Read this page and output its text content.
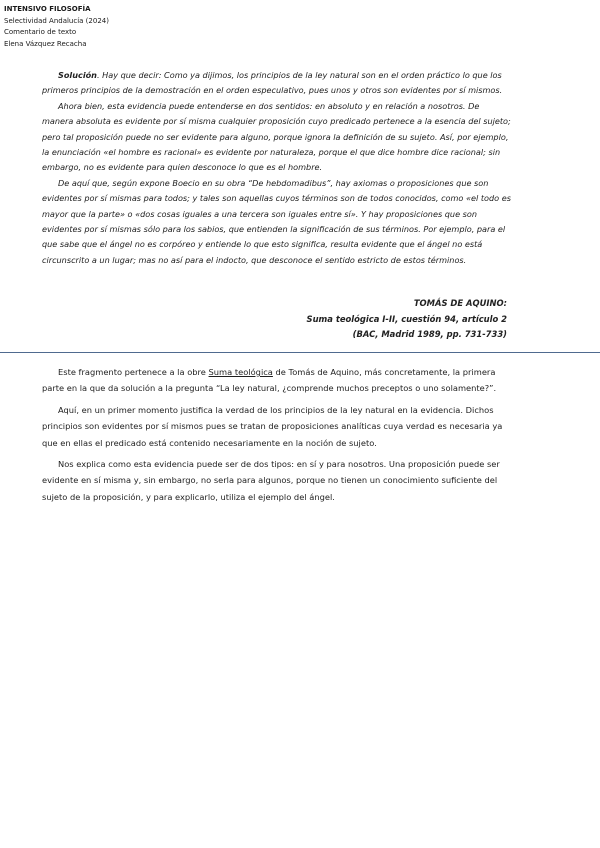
INTENSIVO FILOSOFÍA
Selectividad Andalucía (2024)
Comentario de texto
Elena Vázquez Recacha

Solución. Hay que decir: Como ya dijimos, los principios de la ley natural son en el orden práctico lo que los primeros principios de la demostración en el orden especulativo, pues unos y otros son evidentes por sí mismos.

Ahora bien, esta evidencia puede entenderse en dos sentidos: en absoluto y en relación a nosotros. De manera absoluta es evidente por sí misma cualquier proposición cuyo predicado pertenece a la esencia del sujeto; pero tal proposición puede no ser evidente para alguno, porque ignora la definición de su sujeto. Así, por ejemplo, la enunciación «el hombre es racional» es evidente por naturaleza, porque el que dice hombre dice racional; sin embargo, no es evidente para quien desconoce lo que es el hombre.

De aquí que, según expone Boecio en su obra “De hebdomadibus”, hay axiomas o proposiciones que son evidentes por sí mismas para todos; y tales son aquellas cuyos términos son de todos conocidos, como «el todo es mayor que la parte» o «dos cosas iguales a una tercera son iguales entre sí». Y hay proposiciones que son evidentes por sí mismas sólo para los sabios, que entienden la significación de sus términos. Por ejemplo, para el que sabe que el ángel no es corpóreo y entiende lo que esto significa, resulta evidente que el ángel no está circunscrito a un lugar; mas no así para el indocto, que desconoce el sentido estricto de estos términos.

TOMÁS DE AQUINO:
Suma teológica I-II, cuestión 94, artículo 2
(BAC, Madrid 1989, pp. 731-733)

Este fragmento pertenece a la obre Suma teológica de Tomás de Aquino, más concretamente, la primera parte en la que da solución a la pregunta “La ley natural, ¿comprende muchos preceptos o uno solamente?”.

Aquí, en un primer momento justifica la verdad de los principios de la ley natural en la evidencia. Dichos principios son evidentes por sí mismos pues se tratan de proposiciones analíticas cuya verdad es necesaria ya que en ellas el predicado está contenido necesariamente en la noción de sujeto.

Nos explica como esta evidencia puede ser de dos tipos: en sí y para nosotros. Una proposición puede ser evidente en sí misma y, sin embargo, no serla para algunos, porque no tienen un conocimiento suficiente del sujeto de la proposición, y para explicarlo, utiliza el ejemplo del ángel.
